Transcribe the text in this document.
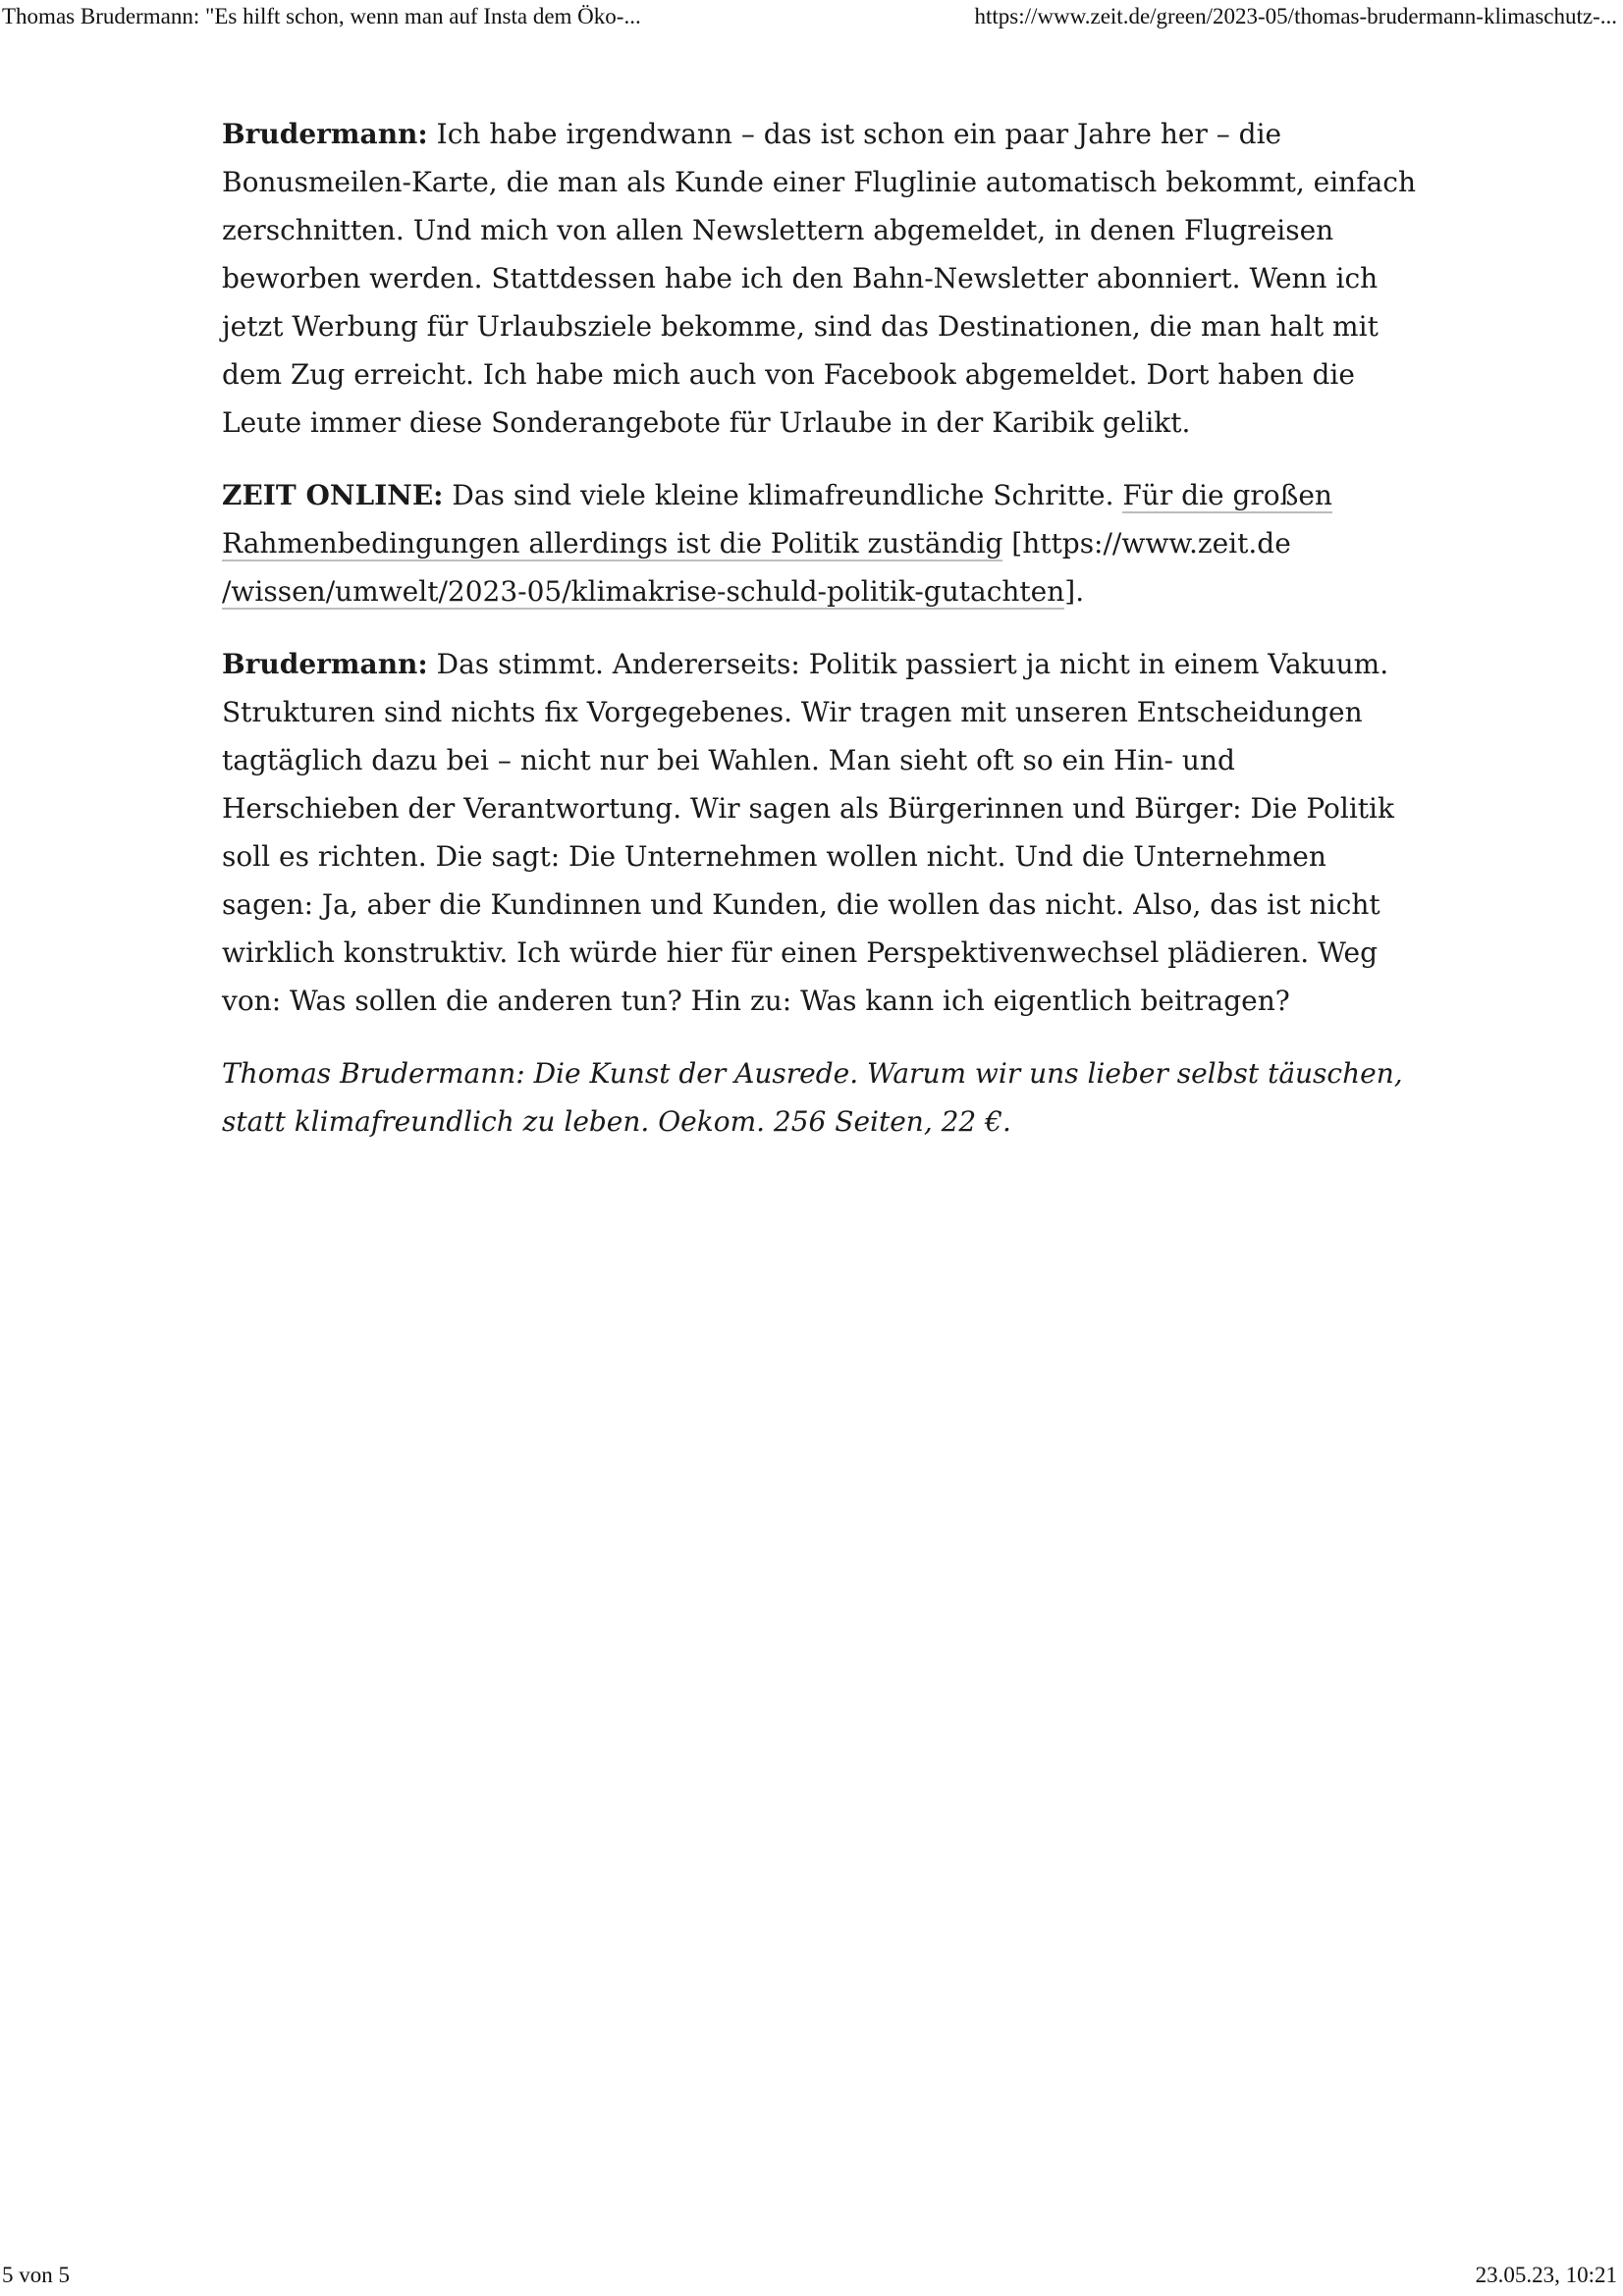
Thomas Brudermann: "Es hilft schon, wenn man auf Insta dem Öko-...	https://www.zeit.de/green/2023-05/thomas-brudermann-klimaschutz-...

Brudermann: Ich habe irgendwann – das ist schon ein paar Jahre her – die Bonusmeilen-Karte, die man als Kunde einer Fluglinie automatisch bekommt, einfach zerschnitten. Und mich von allen Newslettern abgemeldet, in denen Flugreisen beworben werden. Stattdessen habe ich den Bahn-Newsletter abonniert. Wenn ich jetzt Werbung für Urlaubsziele bekomme, sind das Destinationen, die man halt mit dem Zug erreicht. Ich habe mich auch von Facebook abgemeldet. Dort haben die Leute immer diese Sonderangebote für Urlaube in der Karibik gelikt.

ZEIT ONLINE: Das sind viele kleine klimafreundliche Schritte. Für die großen Rahmenbedingungen allerdings ist die Politik zuständig [https://www.zeit.de /wissen/umwelt/2023-05/klimakrise-schuld-politik-gutachten].

Brudermann: Das stimmt. Andererseits: Politik passiert ja nicht in einem Vakuum. Strukturen sind nichts fix Vorgegebenes. Wir tragen mit unseren Entscheidungen tagtäglich dazu bei – nicht nur bei Wahlen. Man sieht oft so ein Hin- und Herschieben der Verantwortung. Wir sagen als Bürgerinnen und Bürger: Die Politik soll es richten. Die sagt: Die Unternehmen wollen nicht. Und die Unternehmen sagen: Ja, aber die Kundinnen und Kunden, die wollen das nicht. Also, das ist nicht wirklich konstruktiv. Ich würde hier für einen Perspektivenwechsel plädieren. Weg von: Was sollen die anderen tun? Hin zu: Was kann ich eigentlich beitragen?

Thomas Brudermann: Die Kunst der Ausrede. Warum wir uns lieber selbst täuschen, statt klimafreundlich zu leben. Oekom. 256 Seiten, 22 €.

5 von 5	23.05.23, 10:21
